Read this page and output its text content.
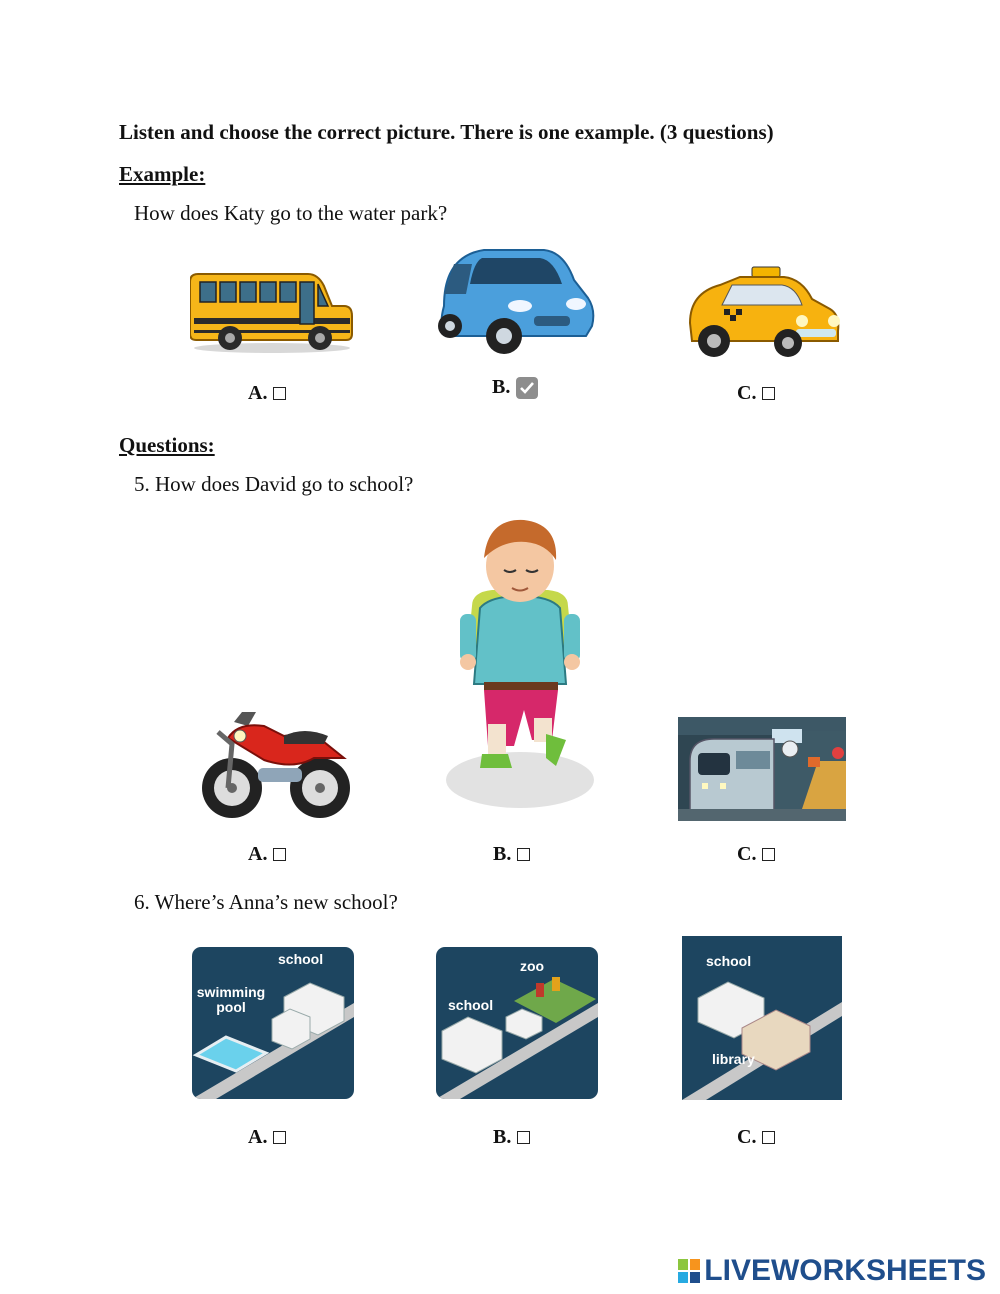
Listen and choose the correct picture. There is one example. (3 questions)
Example:
How does Katy go to the water park?
A.	B.	C.
Questions:
5. How does David go to school?
A.	B.	C.
6. Where’s Anna’s new school?
school
swimming
pool
zoo
school
school
library
A.	B.	C.
LIVEWORKSHEETS
